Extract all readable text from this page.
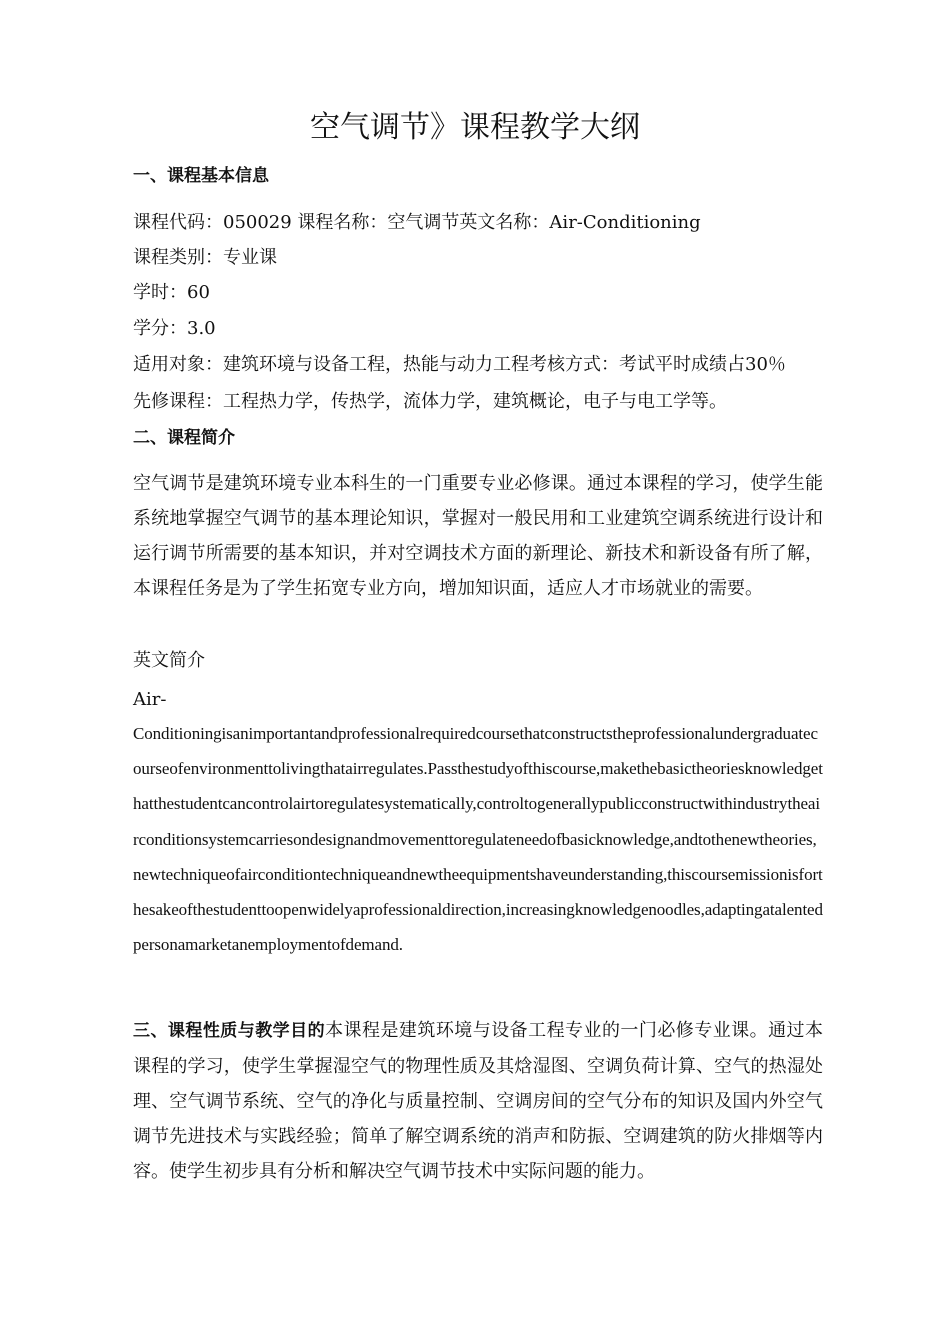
空气调节》课程教学大纲
一、课程基本信息

课程代码：050029 课程名称：空气调节英文名称：Air-Conditioning

课程类别：专业课

学时：60

学分：3.0

适用对象：建筑环境与设备工程，热能与动力工程考核方式：考试平时成绩占30％

先修课程：工程热力学，传热学，流体力学，建筑概论，电子与电工学等。

二、课程简介

空气调节是建筑环境专业本科生的一门重要专业必修课。通过本课程的学习，使学生能系统地掌握空气调节的基本理论知识，掌握对一般民用和工业建筑空调系统进行设计和运行调节所需要的基本知识，并对空调技术方面的新理论、新技术和新设备有所了解，本课程任务是为了学生拓宽专业方向，增加知识面，适应人才市场就业的需要。

英文简介

Air-

Conditioningisanimportantandprofessionalrequiredcoursethatconstructstheprofessionalundergraduatecourseofenvironmenttolivingthatairregulates.Passthestudyofthiscourse,makethebasictheoriesknowledgethatthestudentcancontrolairtoregulatesystematically,controltogenerallypublicconstructwithindustrytheairconditionsystemcarriesondesignandmovementtoregulateneedofbasicknowledge,andtothenewtheories,newtechniqueofairconditiontechniqueandnewtheequipmentshaveunderstanding,thiscoursemissionisforthesakeofthestudenttoopenwidelyaprofessionaldirection,increasingknowledgenoodles,adaptingatalentedpersonamarketanemploymentofdemand.

三、课程性质与教学目的本课程是建筑环境与设备工程专业的一门必修专业课。通过本课程的学习，使学生掌握湿空气的物理性质及其焓湿图、空调负荷计算、空气的热湿处理、空气调节系统、空气的净化与质量控制、空调房间的空气分布的知识及国内外空气调节先进技术与实践经验；简单了解空调系统的消声和防振、空调建筑的防火排烟等内容。使学生初步具有分析和解决空气调节技术中实际问题的能力。
